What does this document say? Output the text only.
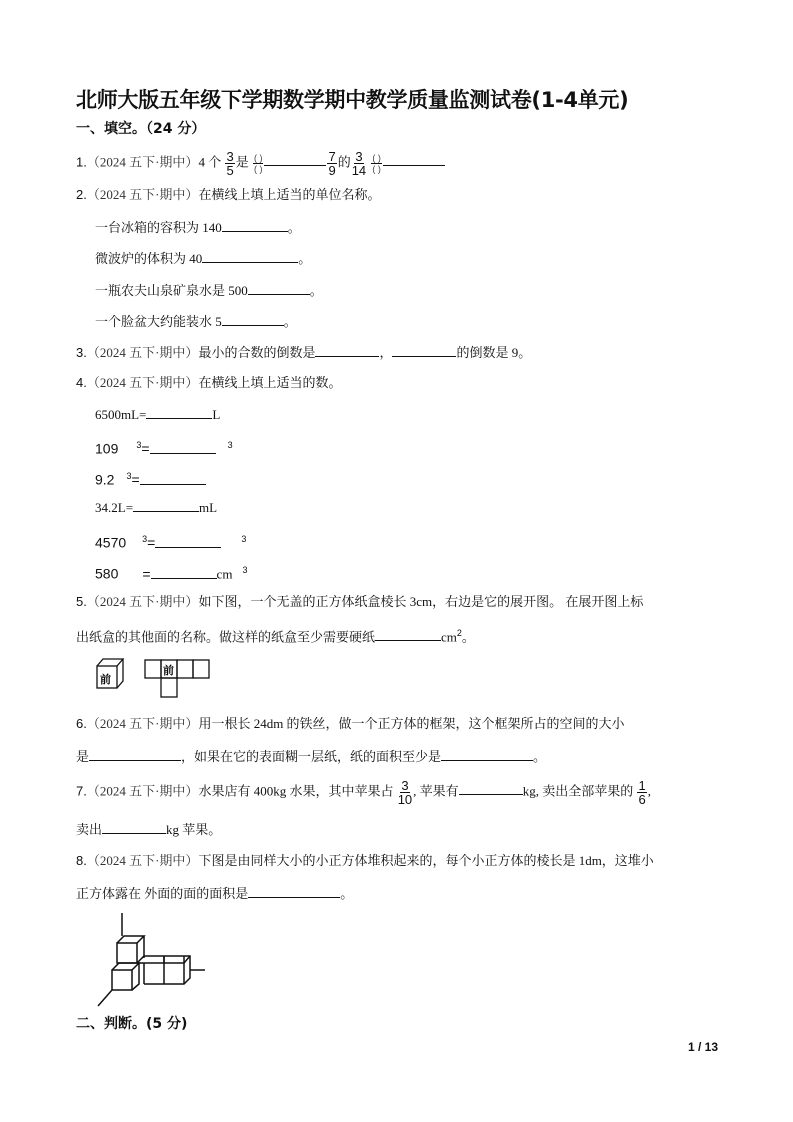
北师大版五年级下学期数学期中教学质量监测试卷(1-4单元)
一、填空。（24 分）
1.（2024 五下·期中）4 个 $\frac{3}{5}$ 是 $\frac{( )}{( )}$	$\frac{7}{9}$ 的 $\frac{3}{14}$
$\frac{( )}{( )}$
2.（2024 五下·期中）在横线上填上适当的单位名称。
一台冰箱的容积为 140	。
微波炉的体积为 40	。
一瓶农夫山泉矿泉水是 500	。
一个脸盆大约能装水 5	。
3.（2024 五下·期中）最小的合数的倒数是	，	的倒数是 9。
4.（2024 五下·期中）在横线上填上适当的数。
6500mL=	L
109 $^3$=	$^3$
9.2 $^3$=
34.2L=	mL
4570 $^3$=	$^3$
580 =	cm $^3$
5.（2024 五下·期中）如下图，一个无盖的正方体纸盒棱长 3cm，右边是它的展开图。 在展开图上标
出纸盒的其他面的名称。做这样的纸盒至少需要硬纸	$cm^2$。
前
前
6.（2024 五下·期中）用一根长 24dm 的铁丝，做一个正方体的框架，这个框架所占的空间的大小
是	，如果在它的表面糊一层纸，纸的面积至少是	。
7.（2024 五下·期中）水果店有 400kg 水果，其中苹果占 $\frac{3}{10}$ , 苹果有	kg, 卖出全部苹果的 $\frac{1}{6}$ ,
卖出	kg 苹果。
8.（2024 五下·期中）下图是由同样大小的小正方体堆积起来的，每个小正方体的棱长是 1dm，这堆小
正方体露在 外面的面的面积是	。
二、判断。(5 分)
1 / 13
